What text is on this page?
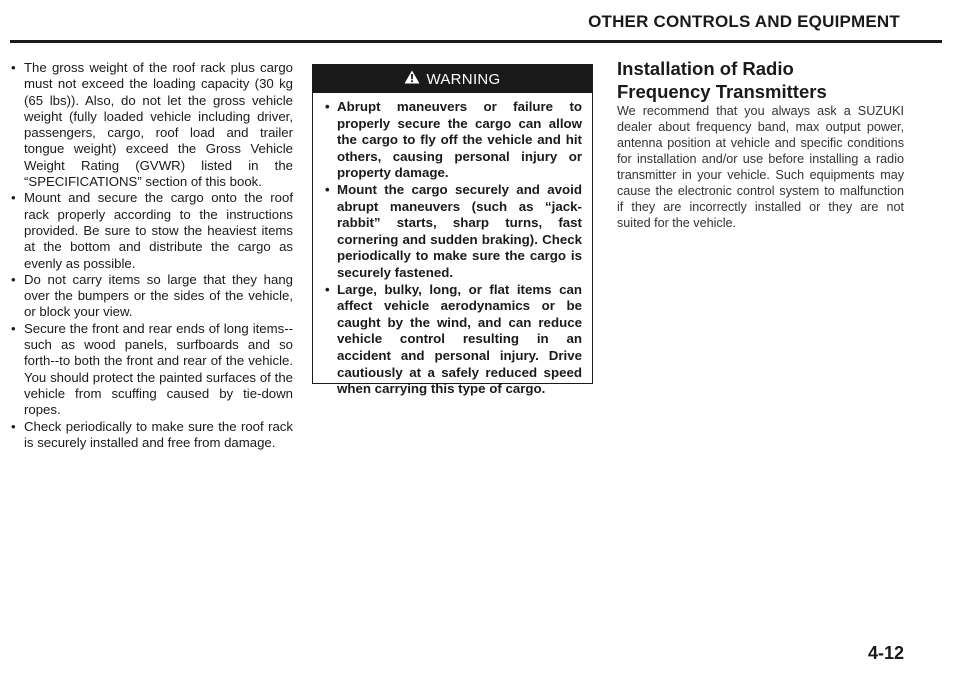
OTHER CONTROLS AND EQUIPMENT
• The gross weight of the roof rack plus cargo must not exceed the loading capacity (30 kg (65 lbs)). Also, do not let the gross vehicle weight (fully loaded vehicle including driver, passengers, cargo, roof load and trailer tongue weight) exceed the Gross Vehicle Weight Rating (GVWR) listed in the “SPECIFICATIONS” section of this book.
• Mount and secure the cargo onto the roof rack properly according to the instructions provided. Be sure to stow the heaviest items at the bottom and distribute the cargo as evenly as possible.
• Do not carry items so large that they hang over the bumpers or the sides of the vehicle, or block your view.
• Secure the front and rear ends of long items--such as wood panels, surfboards and so forth--to both the front and rear of the vehicle. You should protect the painted surfaces of the vehicle from scuffing caused by tie-down ropes.
• Check periodically to make sure the roof rack is securely installed and free from damage.
WARNING
• Abrupt maneuvers or failure to properly secure the cargo can allow the cargo to fly off the vehicle and hit others, causing personal injury or property damage.
• Mount the cargo securely and avoid abrupt maneuvers (such as “jack-rabbit” starts, sharp turns, fast cornering and sudden braking). Check periodically to make sure the cargo is securely fastened.
• Large, bulky, long, or flat items can affect vehicle aerodynamics or be caught by the wind, and can reduce vehicle control resulting in an accident and personal injury. Drive cautiously at a safely reduced speed when carrying this type of cargo.
Installation of Radio
Frequency Transmitters

We recommend that you always ask a SUZUKI dealer about frequency band, max output power, antenna position at vehicle and specific conditions for installation and/or use before installing a radio transmitter in your vehicle. Such equipments may cause the electronic control system to malfunction if they are incorrectly installed or they are not suited for the vehicle.

4-12
